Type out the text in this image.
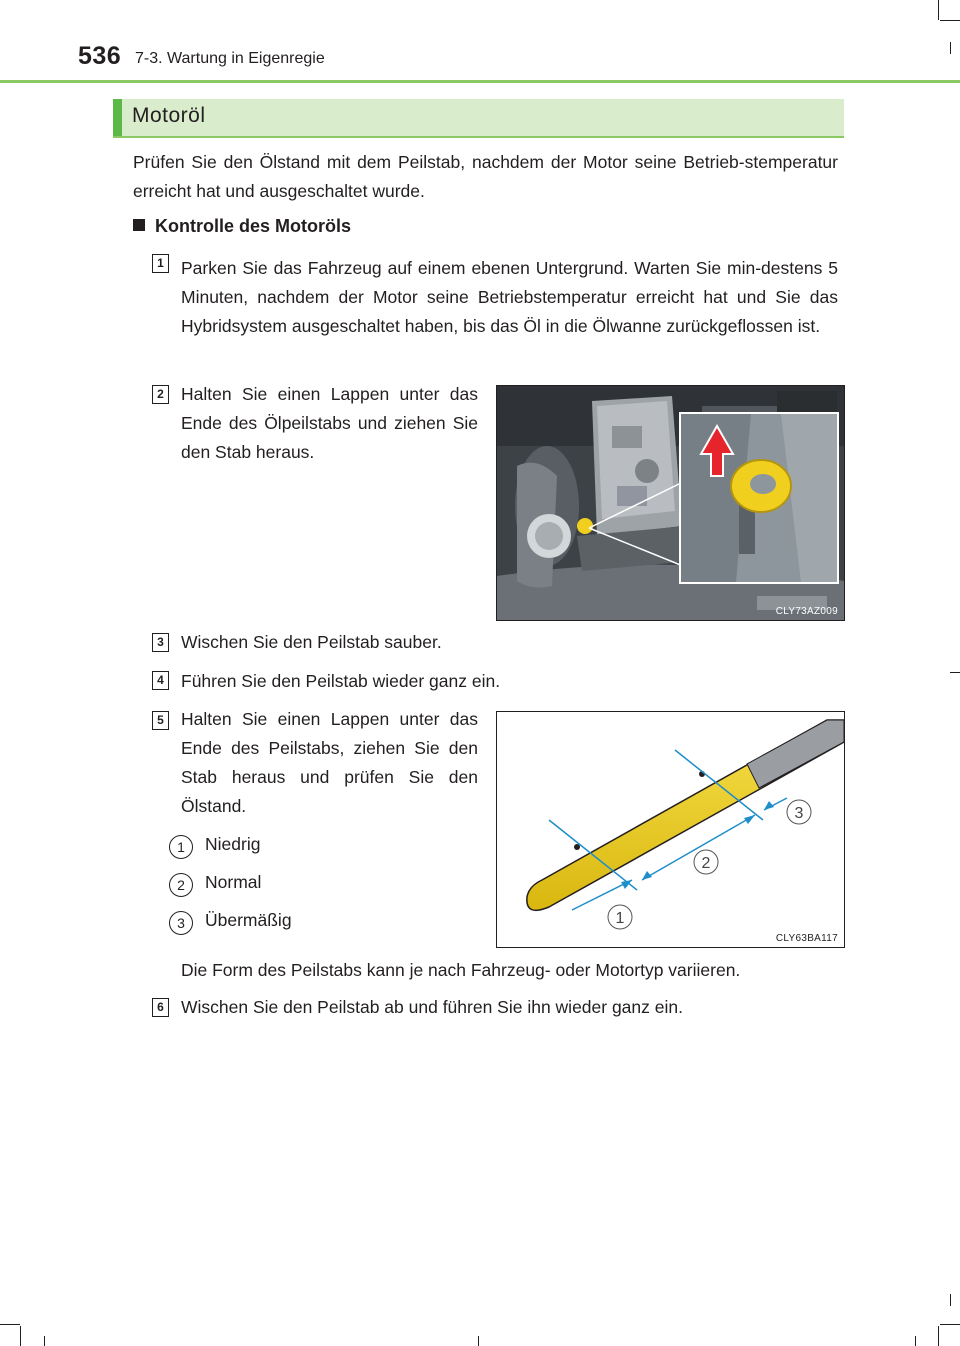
536 7-3. Wartung in Eigenregie
Motoröl

Prüfen Sie den Ölstand mit dem Peilstab, nachdem der Motor seine Betrieb-stemperatur erreicht hat und ausgeschaltet wurde.

Kontrolle des Motoröls
1 Parken Sie das Fahrzeug auf einem ebenen Untergrund. Warten Sie min-destens 5 Minuten, nachdem der Motor seine Betriebstemperatur erreicht hat und Sie das Hybridsystem ausgeschaltet haben, bis das Öl in die Ölwanne zurückgeflossen ist.

2 Halten Sie einen Lappen unter das Ende des Ölpeilstabs und ziehen Sie den Stab heraus.

CLY73AZ009
3 Wischen Sie den Peilstab sauber.

4 Führen Sie den Peilstab wieder ganz ein.

5 Halten Sie einen Lappen unter das Ende des Peilstabs, ziehen Sie den Stab heraus und prüfen Sie den Ölstand.

1	Niedrig
2	Normal
3	Übermäßig	1
2
3
CLY63BA117

Die Form des Peilstabs kann je nach Fahrzeug- oder Motortyp variieren.

6 Wischen Sie den Peilstab ab und führen Sie ihn wieder ganz ein.
